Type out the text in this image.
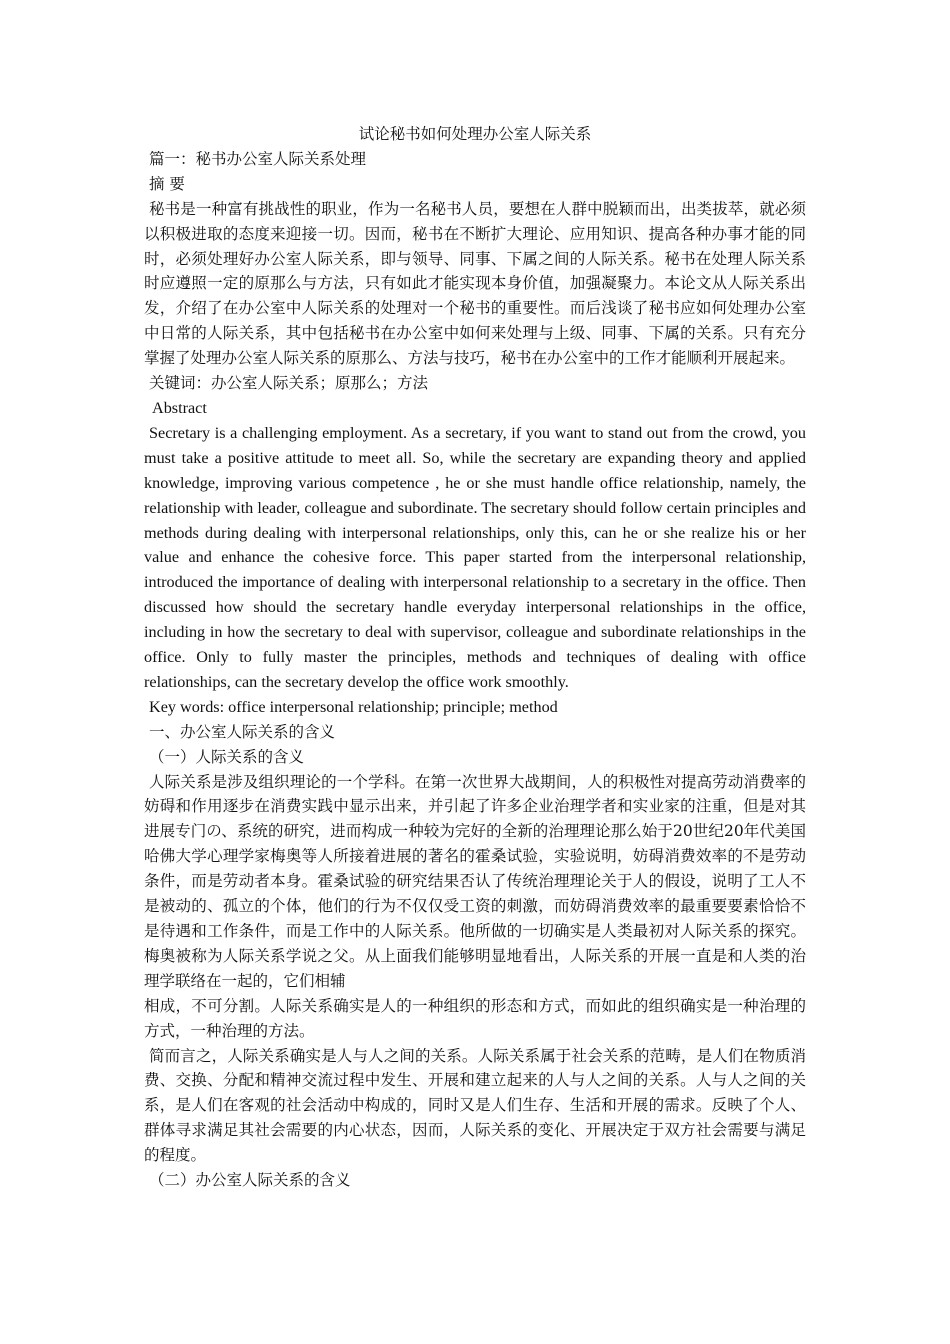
试论秘书如何处理办公室人际关系

篇一：秘书办公室人际关系处理

摘 要

秘书是一种富有挑战性的职业，作为一名秘书人员，要想在人群中脱颖而出，出类拔萃，就必须以积极进取的态度来迎接一切。因而，秘书在不断扩大理论、应用知识、提高各种办事才能的同时，必须处理好办公室人际关系，即与领导、同事、下属之间的人际关系。秘书在处理人际关系时应遵照一定的原那么与方法，只有如此才能实现本身价值，加强凝聚力。本论文从人际关系出发，介绍了在办公室中人际关系的处理对一个秘书的重要性。而后浅谈了秘书应如何处理办公室中日常的人际关系，其中包括秘书在办公室中如何来处理与上级、同事、下属的关系。只有充分掌握了处理办公室人际关系的原那么、方法与技巧，秘书在办公室中的工作才能顺利开展起来。

关键词：办公室人际关系；原那么；方法

Abstract

Secretary is a challenging employment. As a secretary, if you want to stand out from the crowd, you must take a positive attitude to meet all. So, while the secretary are expanding theory and applied knowledge, improving various competence , he or she must handle office relationship, namely, the relationship with leader, colleague and subordinate. The secretary should follow certain principles and methods during dealing with interpersonal relationships, only this, can he or she realize his or her value and enhance the cohesive force. This paper started from the interpersonal relationship, introduced the importance of dealing with interpersonal relationship to a secretary in the office. Then discussed how should the secretary handle everyday interpersonal relationships in the office, including in how the secretary to deal with supervisor, colleague and subordinate relationships in the office. Only to fully master the principles, methods and techniques of dealing with office relationships, can the secretary develop the office work smoothly.

Key words: office interpersonal relationship; principle; method

一、办公室人际关系的含义

（一）人际关系的含义

人际关系是涉及组织理论的一个学科。在第一次世界大战期间，人的积极性对提高劳动消费率的妨碍和作用逐步在消费实践中显示出来，并引起了许多企业治理学者和实业家的注重，但是对其进展专门の、系统的研究，进而构成一种较为完好的全新的治理理论那么始于20世纪20年代美国哈佛大学心理学家梅奥等人所接着进展的著名的霍桑试验，实验说明，妨碍消费效率的不是劳动条件，而是劳动者本身。霍桑试验的研究结果否认了传统治理理论关于人的假设，说明了工人不是被动的、孤立的个体，他们的行为不仅仅受工资的刺激，而妨碍消费效率的最重要要素恰恰不是待遇和工作条件，而是工作中的人际关系。他所做的一切确实是人类最初对人际关系的探究。梅奥被称为人际关系学说之父。从上面我们能够明显地看出，人际关系的开展一直是和人类的治理学联络在一起的，它们相辅

相成，不可分割。人际关系确实是人的一种组织的形态和方式，而如此的组织确实是一种治理的方式，一种治理的方法。

简而言之，人际关系确实是人与人之间的关系。人际关系属于社会关系的范畴，是人们在物质消费、交换、分配和精神交流过程中发生、开展和建立起来的人与人之间的关系。人与人之间的关系，是人们在客观的社会活动中构成的，同时又是人们生存、生活和开展的需求。反映了个人、群体寻求满足其社会需要的内心状态，因而，人际关系的变化、开展决定于双方社会需要与满足的程度。

（二）办公室人际关系的含义
